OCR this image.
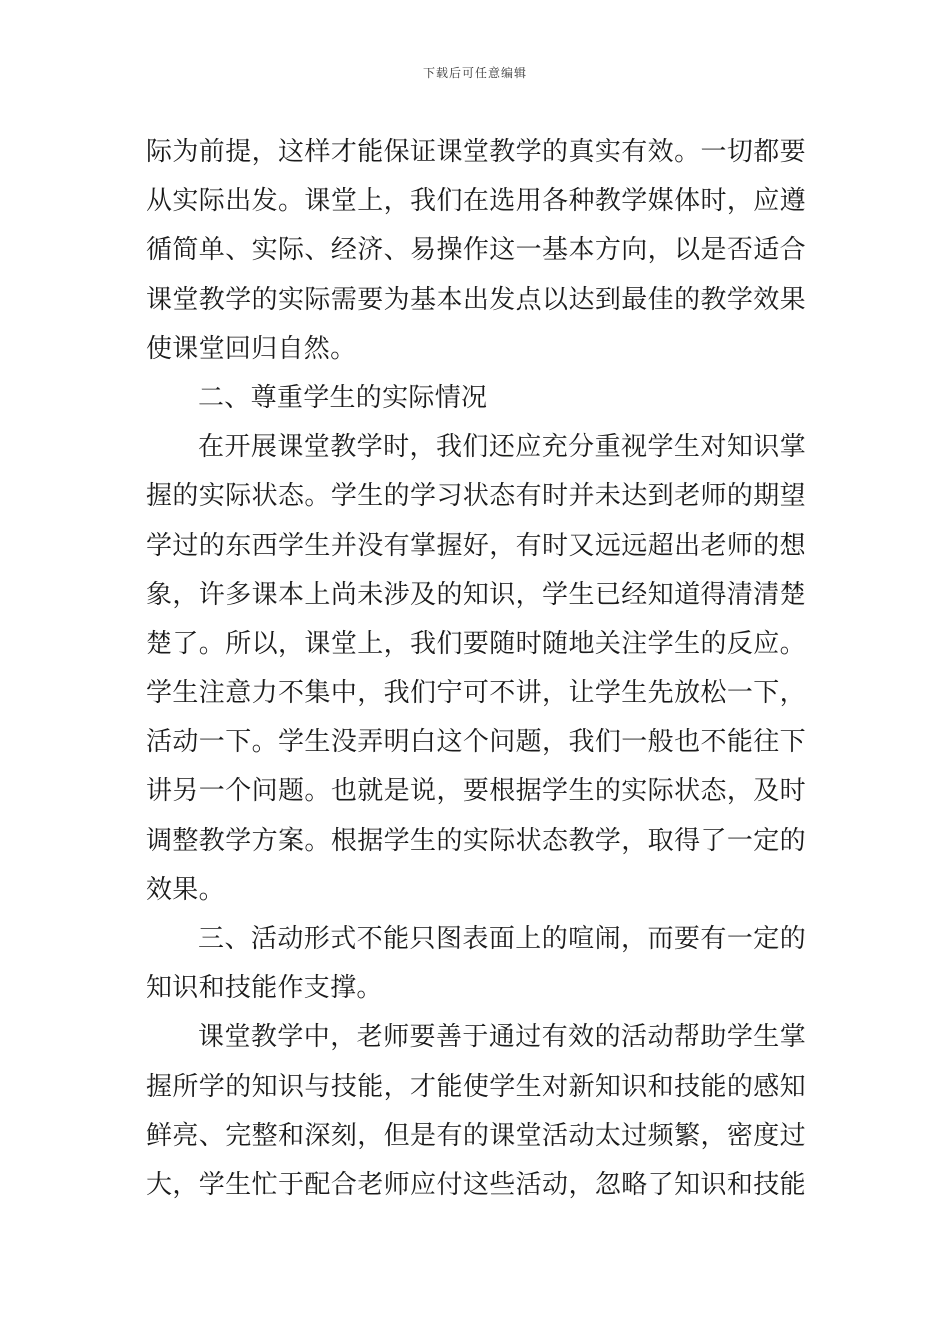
下载后可任意编辑
际为前提，这样才能保证课堂教学的真实有效。一切都要
从实际出发。课堂上，我们在选用各种教学媒体时，应遵
循简单、实际、经济、易操作这一基本方向，以是否适合
课堂教学的实际需要为基本出发点以达到最佳的教学效果
使课堂回归自然。
二、尊重学生的实际情况
在开展课堂教学时，我们还应充分重视学生对知识掌
握的实际状态。学生的学习状态有时并未达到老师的期望
学过的东西学生并没有掌握好，有时又远远超出老师的想
象，许多课本上尚未涉及的知识，学生已经知道得清清楚
楚了。所以，课堂上，我们要随时随地关注学生的反应。
学生注意力不集中，我们宁可不讲，让学生先放松一下，
活动一下。学生没弄明白这个问题，我们一般也不能往下
讲另一个问题。也就是说，要根据学生的实际状态，及时
调整教学方案。根据学生的实际状态教学，取得了一定的
效果。
三、活动形式不能只图表面上的喧闹，而要有一定的
知识和技能作支撑。
课堂教学中，老师要善于通过有效的活动帮助学生掌
握所学的知识与技能，才能使学生对新知识和技能的感知
鲜亮、完整和深刻，但是有的课堂活动太过频繁，密度过
大，学生忙于配合老师应付这些活动，忽略了知识和技能
